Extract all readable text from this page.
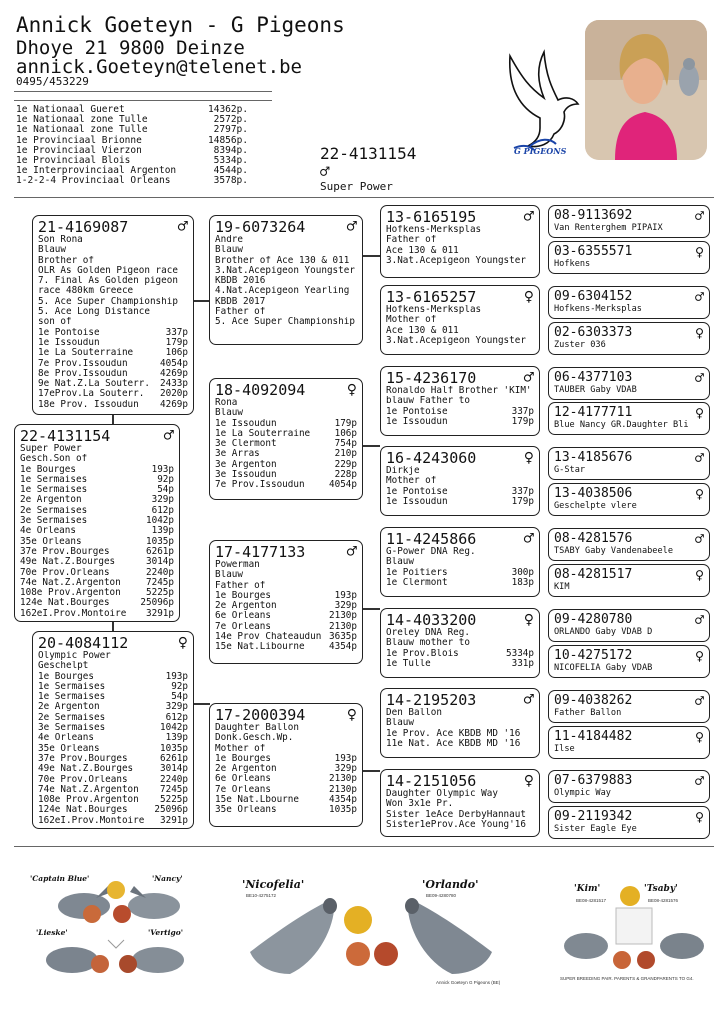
Annick Goeteyn - G Pigeons
Dhoye 21 9800 Deinze
annick.Goeteyn@telenet.be
0495/453229
G PIGEONS
1e Nationaal Gueret	14362p.
1e Nationaal zone Tulle	2572p.
1e Nationaal zone Tulle	2797p.
1e Provinciaal Brionne	14856p.
1e Provinciaal Vierzon	8394p.
1e Provinciaal Blois	5334p.
1e Interprovinciaal Argenton	4544p.
1-2-2-4 Provinciaal Orleans	3578p.
22-4131154
♂
Super Power
21-4169087	♂
Son Rona
Blauw
Brother of
OLR As Golden Pigeon race
7. Final As Golden pigeon
race 480km Greece
5. Ace Super Championship
5. Ace Long Distance
son of
1e Pontoise	337p
1e Issoudun	179p
1e La Souterraine	106p
7e Prov.Issoudun	4054p
8e Prov.Issoudun	4269p
9e Nat.Z.La Souterr.	2433p
17eProv.La Souterr.	2020p
18e Prov. Issoudun	4269p
22-4131154	♂
Super Power
Gesch.Son of
1e Bourges	193p
1e Sermaises	92p
1e Sermaises	54p
2e Argenton	329p
2e Sermaises	612p
3e Sermaises	1042p
4e Orleans	139p
35e Orleans	1035p
37e Prov.Bourges	6261p
49e Nat.Z.Bourges	3014p
70e Prov.Orleans	2240p
74e Nat.Z.Argenton	7245p
108e Prov.Argenton	5225p
124e Nat.Bourges	25096p
162eI.Prov.Montoire	3291p
20-4084112	♀
Olympic Power
Geschelpt
1e Bourges	193p
1e Sermaises	92p
1e Sermaises	54p
2e Argenton	329p
2e Sermaises	612p
3e Sermaises	1042p
4e Orleans	139p
35e Orleans	1035p
37e Prov.Bourges	6261p
49e Nat.Z.Bourges	3014p
70e Prov.Orleans	2240p
74e Nat.Z.Argenton	7245p
108e Prov.Argenton	5225p
124e Nat.Bourges	25096p
162eI.Prov.Montoire	3291p
19-6073264 ♂
Andre
Blauw
Brother of Ace 130 & 011
3.Nat.Acepigeon Youngster
KBDB 2016
4.Nat.Acepigeon Yearling
KBDB 2017
Father of
5. Ace Super Championship
18-4092094 ♀
Rona
Blauw
1e Issoudun	179p
1e La Souterraine	106p
3e Clermont	754p
3e Arras	210p
3e Argenton	229p
3e Issoudun	228p
7e Prov.Issoudun	4054p
17-4177133 ♂
Powerman
Blauw
Father of
1e Bourges	193p
2e Argenton	329p
6e Orleans	2130p
7e Orleans	2130p
14e Prov Chateaudun 3635p
15e Nat.Libourne	4354p
17-2000394 ♀
Daughter Ballon
Donk.Gesch.Wp.
Mother of
1e Bourges	193p
2e Argenton	329p
6e Orleans	2130p
7e Orleans	2130p
15e Nat.Lbourne	4354p
35e Orleans	1035p
13-6165195	♂
Hofkens-Merksplas
Father of
Ace 130 & 011
3.Nat.Acepigeon Youngster
13-6165257	♀
Hofkens-Merksplas
Mother of
Ace 130 & 011
3.Nat.Acepigeon Youngster
15-4236170	♂
Ronaldo Half Brother 'KIM'
blauw Father to
1e Pontoise	337p
1e Issoudun	179p
16-4243060	♀
Dirkje
Mother of
1e Pontoise	337p
1e Issoudun	179p
11-4245866	♂
G-Power DNA Reg.
Blauw
1e Poitiers	300p
1e Clermont	183p
14-4033200	♀
Oreley DNA Reg.
Blauw mother to
1e Prov.Blois	5334p
1e Tulle	331p
14-2195203	♂
Den Ballon
Blauw
1e Prov. Ace KBDB MD '16
11e Nat. Ace KBDB MD '16
14-2151056	♀
Daughter Olympic Way
Won 3x1e Pr.
Sister 1eAce DerbyHannaut
Sister1eProv.Ace Young'16
08-9113692	♂
Van Renterghem PIPAIX
03-6355571	♀
Hofkens
09-6304152	♂
Hofkens-Merksplas
02-6303373	♀
Zuster 036
06-4377103	♂
TAUBER Gaby VDAB
12-4177711	♀
Blue Nancy GR.Daughter Bli
13-4185676	♂
G-Star
13-4038506	♀
Geschelpte vlere
08-4281576	♂
TSABY Gaby Vandenabeele
08-4281517	♀
KIM
09-4280780	♂
ORLANDO Gaby VDAB D
10-4275172	♀
NICOFELIA Gaby VDAB
09-4038262	♂
Father Ballon
11-4184482	♀
Ilse
07-6379883	♂
Olympic Way
09-2119342	♀
Sister Eagle Eye
'Captain Blue'	'Nancy'
'Lieske'	'Vertigo'
'Nicofelia'	'Orlando'
BE10-4275172	BE09-4280780
Annick Goeteyn G Pigeons (BE)
'Kim'	'Tsaby'
BE08-4281517	BE08-4281576
SUPER BREEDING PAIR. PARENTS & GRANDPARENTS TO G4.
